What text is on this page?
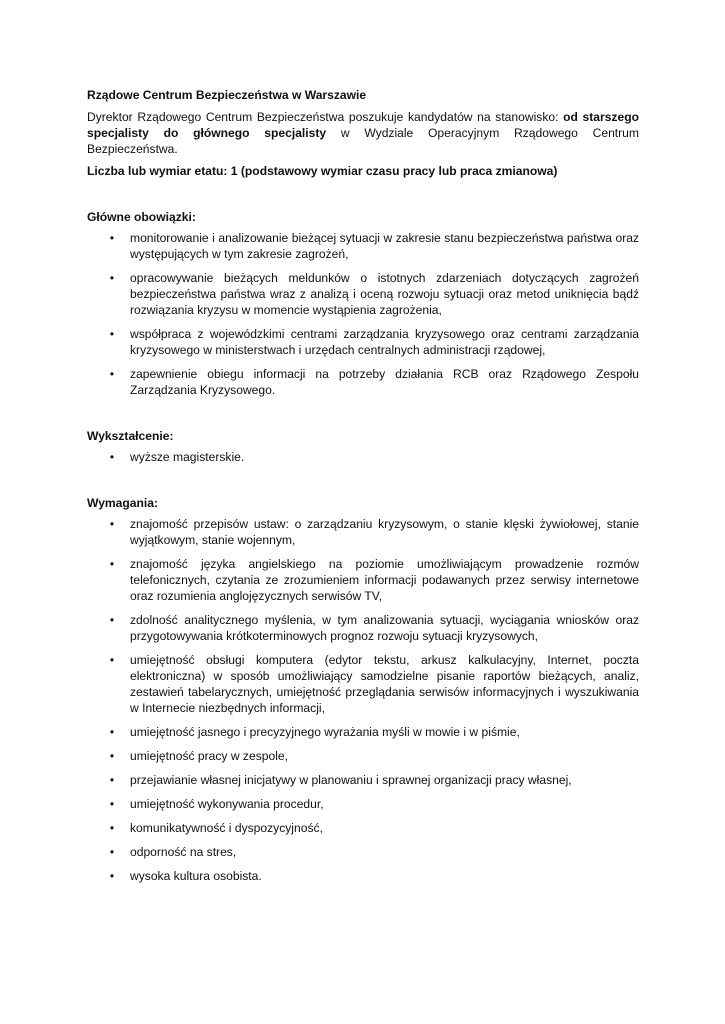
Rządowe Centrum Bezpieczeństwa w Warszawie

Dyrektor Rządowego Centrum Bezpieczeństwa poszukuje kandydatów na stanowisko: od starszego specjalisty do głównego specjalisty w Wydziale Operacyjnym Rządowego Centrum Bezpieczeństwa.

Liczba lub wymiar etatu: 1 (podstawowy wymiar czasu pracy lub praca zmianowa)

Główne obowiązki:
• monitorowanie i analizowanie bieżącej sytuacji w zakresie stanu bezpieczeństwa państwa oraz występujących w tym zakresie zagrożeń,
• opracowywanie bieżących meldunków o istotnych zdarzeniach dotyczących zagrożeń bezpieczeństwa państwa wraz z analizą i oceną rozwoju sytuacji oraz metod uniknięcia bądź rozwiązania kryzysu w momencie wystąpienia zagrożenia,
• współpraca z wojewódzkimi centrami zarządzania kryzysowego oraz centrami zarządzania kryzysowego w ministerstwach i urzędach centralnych administracji rządowej,
• zapewnienie obiegu informacji na potrzeby działania RCB oraz Rządowego Zespołu Zarządzania Kryzysowego.
Wykształcenie:
• wyższe magisterskie.
Wymagania:
• znajomość przepisów ustaw: o zarządzaniu kryzysowym, o stanie klęski żywiołowej, stanie wyjątkowym, stanie wojennym,
• znajomość języka angielskiego na poziomie umożliwiającym prowadzenie rozmów telefonicznych, czytania ze zrozumieniem informacji podawanych przez serwisy internetowe oraz rozumienia anglojęzycznych serwisów TV,
• zdolność analitycznego myślenia, w tym analizowania sytuacji, wyciągania wniosków oraz przygotowywania krótkoterminowych prognoz rozwoju sytuacji kryzysowych,
• umiejętność obsługi komputera (edytor tekstu, arkusz kalkulacyjny, Internet, poczta elektroniczna) w sposób umożliwiający samodzielne pisanie raportów bieżących, analiz, zestawień tabelarycznych, umiejętność przeglądania serwisów informacyjnych i wyszukiwania w Internecie niezbędnych informacji,
• umiejętność jasnego i precyzyjnego wyrażania myśli w mowie i w piśmie,
• umiejętność pracy w zespole,
• przejawianie własnej inicjatywy w planowaniu i sprawnej organizacji pracy własnej,
• umiejętność wykonywania procedur,
• komunikatywność i dyspozycyjność,
• odporność na stres,
• wysoka kultura osobista.
